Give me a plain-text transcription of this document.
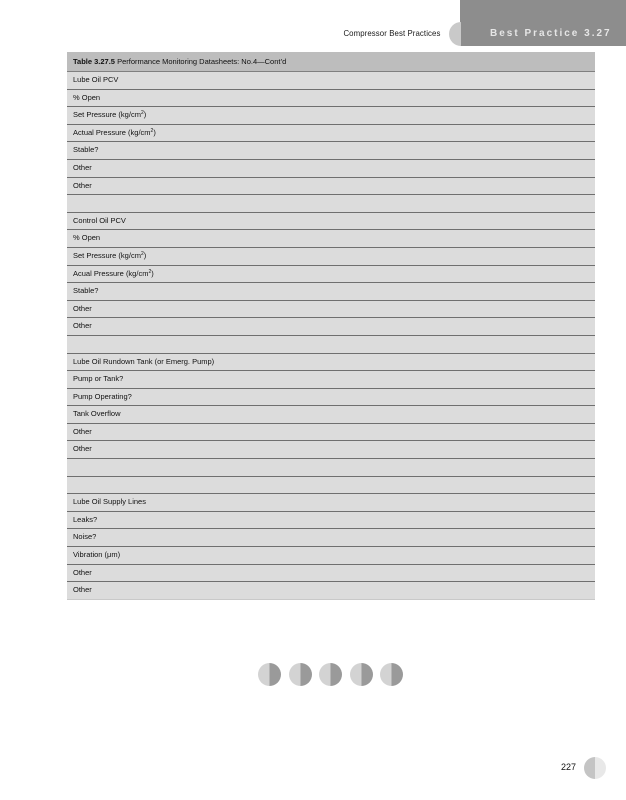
Compressor Best Practices	Best Practice 3.27
Table 3.27.5 Performance Monitoring Datasheets: No.4—Cont’d
Lube Oil PCV
% Open
Set Pressure $(kg/cm^2)$
Actual Pressure $(kg/cm^2)$
Stable?
Other
Other
Control Oil PCV
% Open
Set Pressure $(kg/cm^2)$
Acual Pressure $(kg/cm^2)$
Stable?
Other
Other
Lube Oil Rundown Tank (or Emerg. Pump)
Pump or Tank?
Pump Operating?
Tank Overflow
Other
Other
Lube Oil Supply Lines
Leaks?
Noise?
Vibration (μm)
Other
Other
227
